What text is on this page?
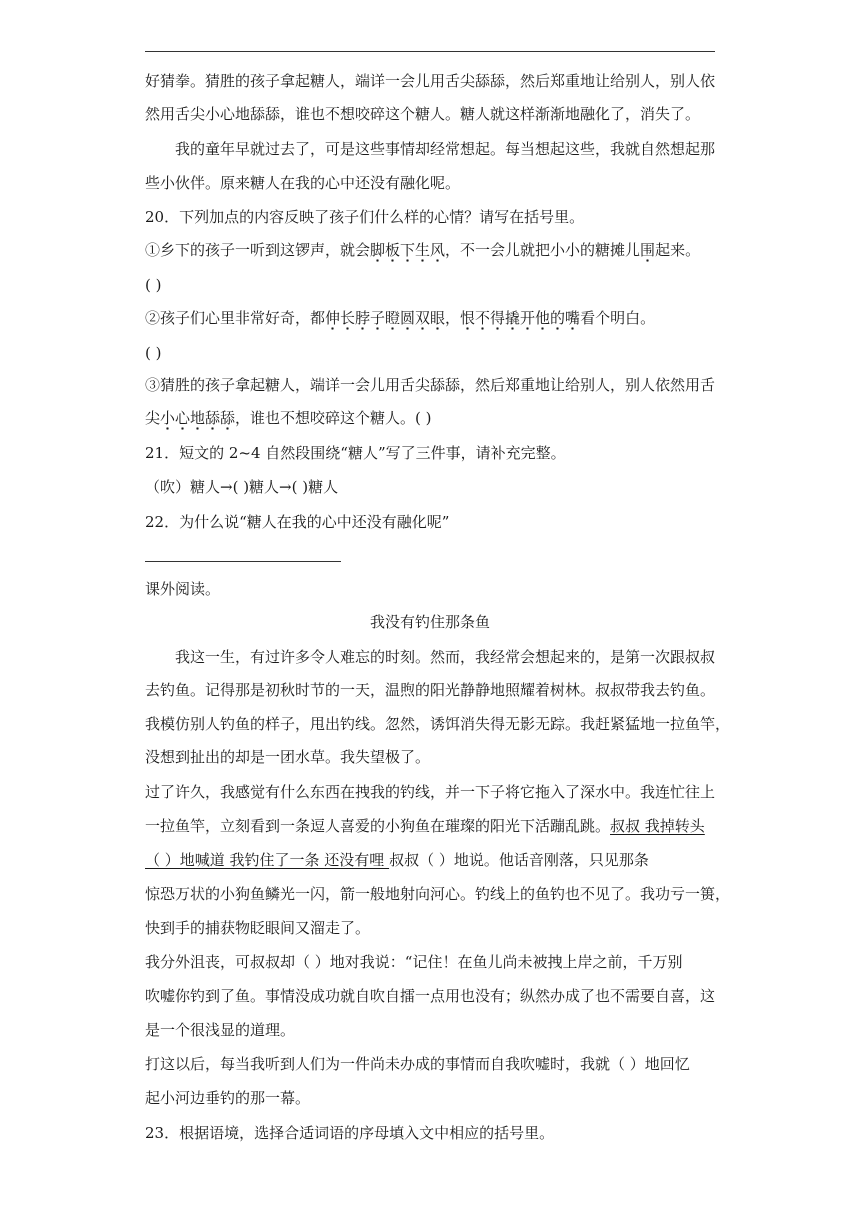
好猜拳。猜胜的孩子拿起糖人，端详一会儿用舌尖舔舔，然后郑重地让给别人，别人依
然用舌尖小心地舔舔，谁也不想咬碎这个糖人。糖人就这样渐渐地融化了，消失了。
我的童年早就过去了，可是这些事情却经常想起。每当想起这些，我就自然想起那
些小伙伴。原来糖人在我的心中还没有融化呢。
20．下列加点的内容反映了孩子们什么样的心情？请写在括号里。
①乡下的孩子一听到这锣声，就会脚板下生风，不一会儿就把小小的糖摊儿围起来。
( )
②孩子们心里非常好奇，都伸长脖子瞪圆双眼，恨不得撬开他的嘴看个明白。
( )
③猜胜的孩子拿起糖人，端详一会儿用舌尖舔舔，然后郑重地让给别人，别人依然用舌
尖小心地舔舔，谁也不想咬碎这个糖人。( )
21．短文的 2~4 自然段围绕“糖人”写了三件事，请补充完整。
（吹）糖人→( )糖人→( )糖人
22．为什么说“糖人在我的心中还没有融化呢”
课外阅读。
我没有钓住那条鱼
我这一生，有过许多令人难忘的时刻。然而，我经常会想起来的，是第一次跟叔叔
去钓鱼。记得那是初秋时节的一天，温煦的阳光静静地照耀着树林。叔叔带我去钓鱼。
我模仿别人钓鱼的样子，甩出钓线。忽然，诱饵消失得无影无踪。我赶紧猛地一拉鱼竿，
没想到扯出的却是一团水草。我失望极了。
过了许久，我感觉有什么东西在拽我的钓线，并一下子将它拖入了深水中。我连忙往上
一拉鱼竿，立刻看到一条逗人喜爱的小狗鱼在璀璨的阳光下活蹦乱跳。叔叔 我掉转头
（ ）地喊道 我钓住了一条 还没有哩 叔叔（ ）地说。他话音刚落，只见那条
惊恐万状的小狗鱼鳞光一闪，箭一般地射向河心。钓线上的鱼钓也不见了。我功亏一篑，
快到手的捕获物眨眼间又溜走了。
我分外沮丧，可叔叔却（ ）地对我说：“记住！在鱼儿尚未被拽上岸之前，千万别
吹嘘你钓到了鱼。事情没成功就自吹自擂一点用也没有；纵然办成了也不需要自喜，这
是一个很浅显的道理。
打这以后，每当我听到人们为一件尚未办成的事情而自我吹嘘时，我就（ ）地回忆
起小河边垂钓的那一幕。
23．根据语境，选择合适词语的序母填入文中相应的括号里。
